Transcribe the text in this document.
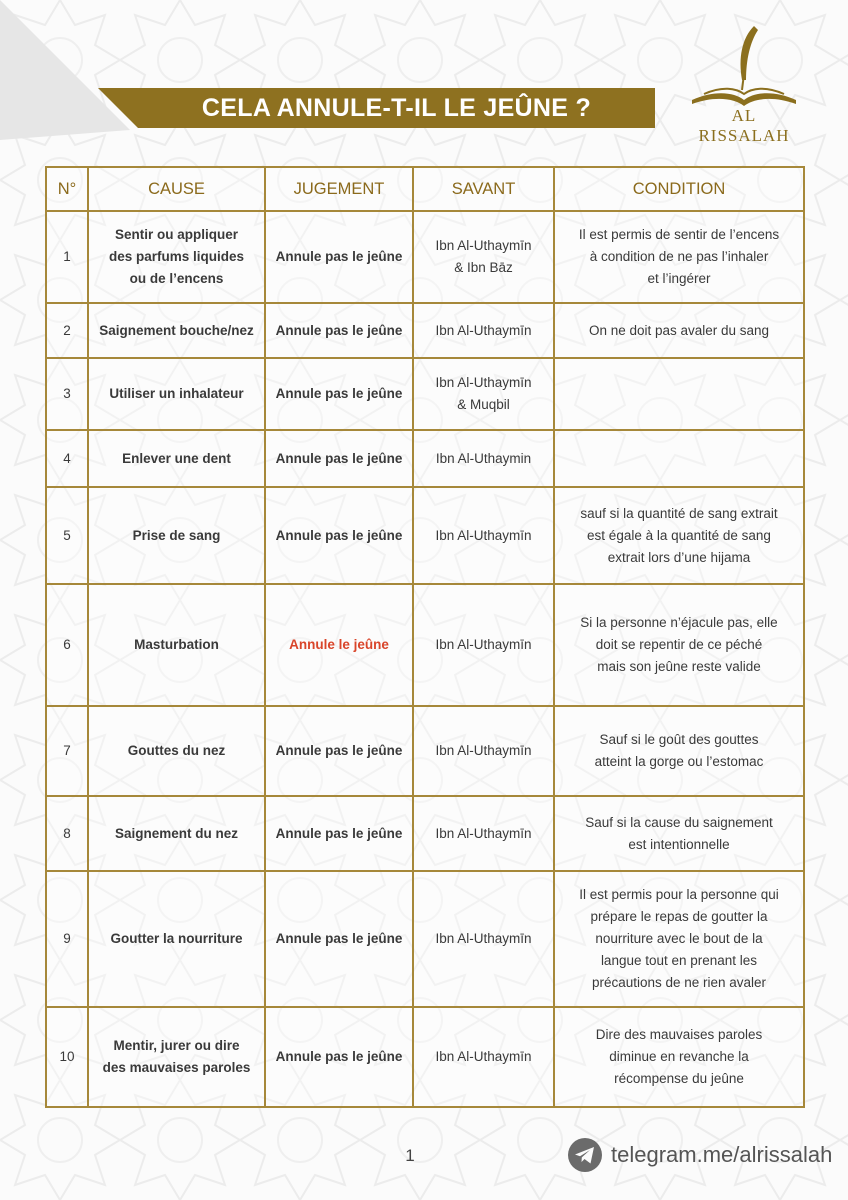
CELA ANNULE-T-IL LE JEÛNE ?	AL RISSALAH
N°	CAUSE	JUGEMENT	SAVANT	CONDITION
1	Sentir ou appliquer
des parfums liquides
ou de l’encens	Annule pas le jeûne	Ibn Al-Uthaymīn
& Ibn Bāz	Il est permis de sentir de l’encens
à condition de ne pas l’inhaler
et l’ingérer
2	Saignement bouche/nez	Annule pas le jeûne	Ibn Al-Uthaymīn	On ne doit pas avaler du sang
3	Utiliser un inhalateur	Annule pas le jeûne	Ibn Al-Uthaymīn
& Muqbil	
4	Enlever une dent	Annule pas le jeûne	Ibn Al-Uthaymin	
5	Prise de sang	Annule pas le jeûne	Ibn Al-Uthaymīn	sauf si la quantité de sang extrait
est égale à la quantité de sang
extrait lors d’une hijama
6	Masturbation	Annule le jeûne	Ibn Al-Uthaymīn	Si la personne n’éjacule pas, elle
doit se repentir de ce péché
mais son jeûne reste valide
7	Gouttes du nez	Annule pas le jeûne	Ibn Al-Uthaymīn	Sauf si le goût des gouttes
atteint la gorge ou l’estomac
8	Saignement du nez	Annule pas le jeûne	Ibn Al-Uthaymīn	Sauf si la cause du saignement
est intentionnelle
9	Goutter la nourriture	Annule pas le jeûne	Ibn Al-Uthaymīn	Il est permis pour la personne qui
prépare le repas de goutter la
nourriture avec le bout de la
langue tout en prenant les
précautions de ne rien avaler
10	Mentir, jurer ou dire
des mauvaises paroles	Annule pas le jeûne	Ibn Al-Uthaymīn	Dire des mauvaises paroles
diminue en revanche la
récompense du jeûne
1	telegram.me/alrissalah
